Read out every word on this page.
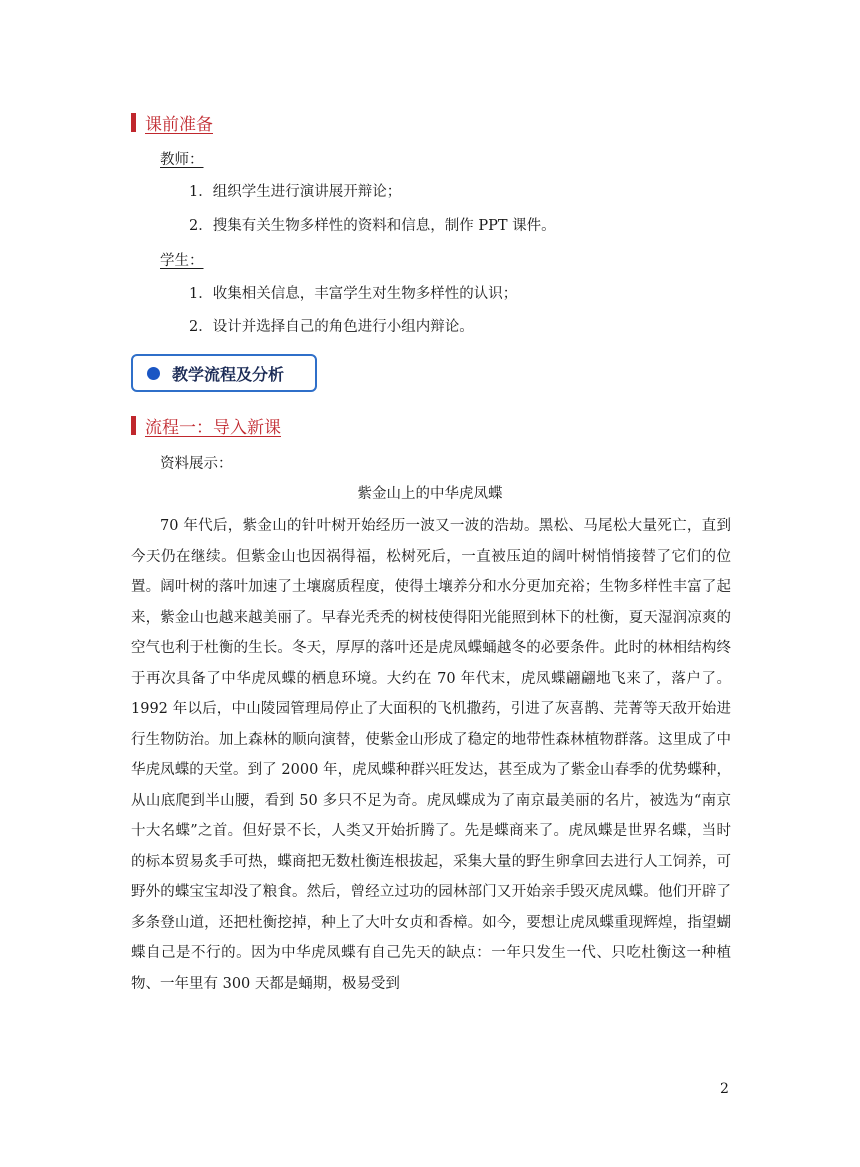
课前准备
教师：
1．组织学生进行演讲展开辩论；
2．搜集有关生物多样性的资料和信息，制作 PPT 课件。
学生：
1．收集相关信息，丰富学生对生物多样性的认识；
2．设计并选择自己的角色进行小组内辩论。
教学流程及分析
流程一：导入新课
资料展示：
紫金山上的中华虎凤蝶

70 年代后，紫金山的针叶树开始经历一波又一波的浩劫。黑松、马尾松大量死亡，直到今天仍在继续。但紫金山也因祸得福，松树死后，一直被压迫的阔叶树悄悄接替了它们的位置。阔叶树的落叶加速了土壤腐质程度，使得土壤养分和水分更加充裕；生物多样性丰富了起来，紫金山也越来越美丽了。早春光秃秃的树枝使得阳光能照到林下的杜衡，夏天湿润凉爽的空气也利于杜衡的生长。冬天，厚厚的落叶还是虎凤蝶蛹越冬的必要条件。此时的林相结构终于再次具备了中华虎凤蝶的栖息环境。大约在 70 年代末，虎凤蝶翩翩地飞来了，落户了。1992 年以后，中山陵园管理局停止了大面积的飞机撒药，引进了灰喜鹊、芫菁等天敌开始进行生物防治。加上森林的顺向演替，使紫金山形成了稳定的地带性森林植物群落。这里成了中华虎凤蝶的天堂。到了 2000 年，虎凤蝶种群兴旺发达，甚至成为了紫金山春季的优势蝶种，从山底爬到半山腰，看到 50 多只不足为奇。虎凤蝶成为了南京最美丽的名片，被选为“南京十大名蝶”之首。但好景不长，人类又开始折腾了。先是蝶商来了。虎凤蝶是世界名蝶，当时的标本贸易炙手可热，蝶商把无数杜衡连根拔起，采集大量的野生卵拿回去进行人工饲养，可野外的蝶宝宝却没了粮食。然后，曾经立过功的园林部门又开始亲手毁灭虎凤蝶。他们开辟了多条登山道，还把杜衡挖掉，种上了大叶女贞和香樟。如今，要想让虎凤蝶重现辉煌，指望蝴蝶自己是不行的。因为中华虎凤蝶有自己先天的缺点：一年只发生一代、只吃杜衡这一种植物、一年里有 300 天都是蛹期，极易受到

2
